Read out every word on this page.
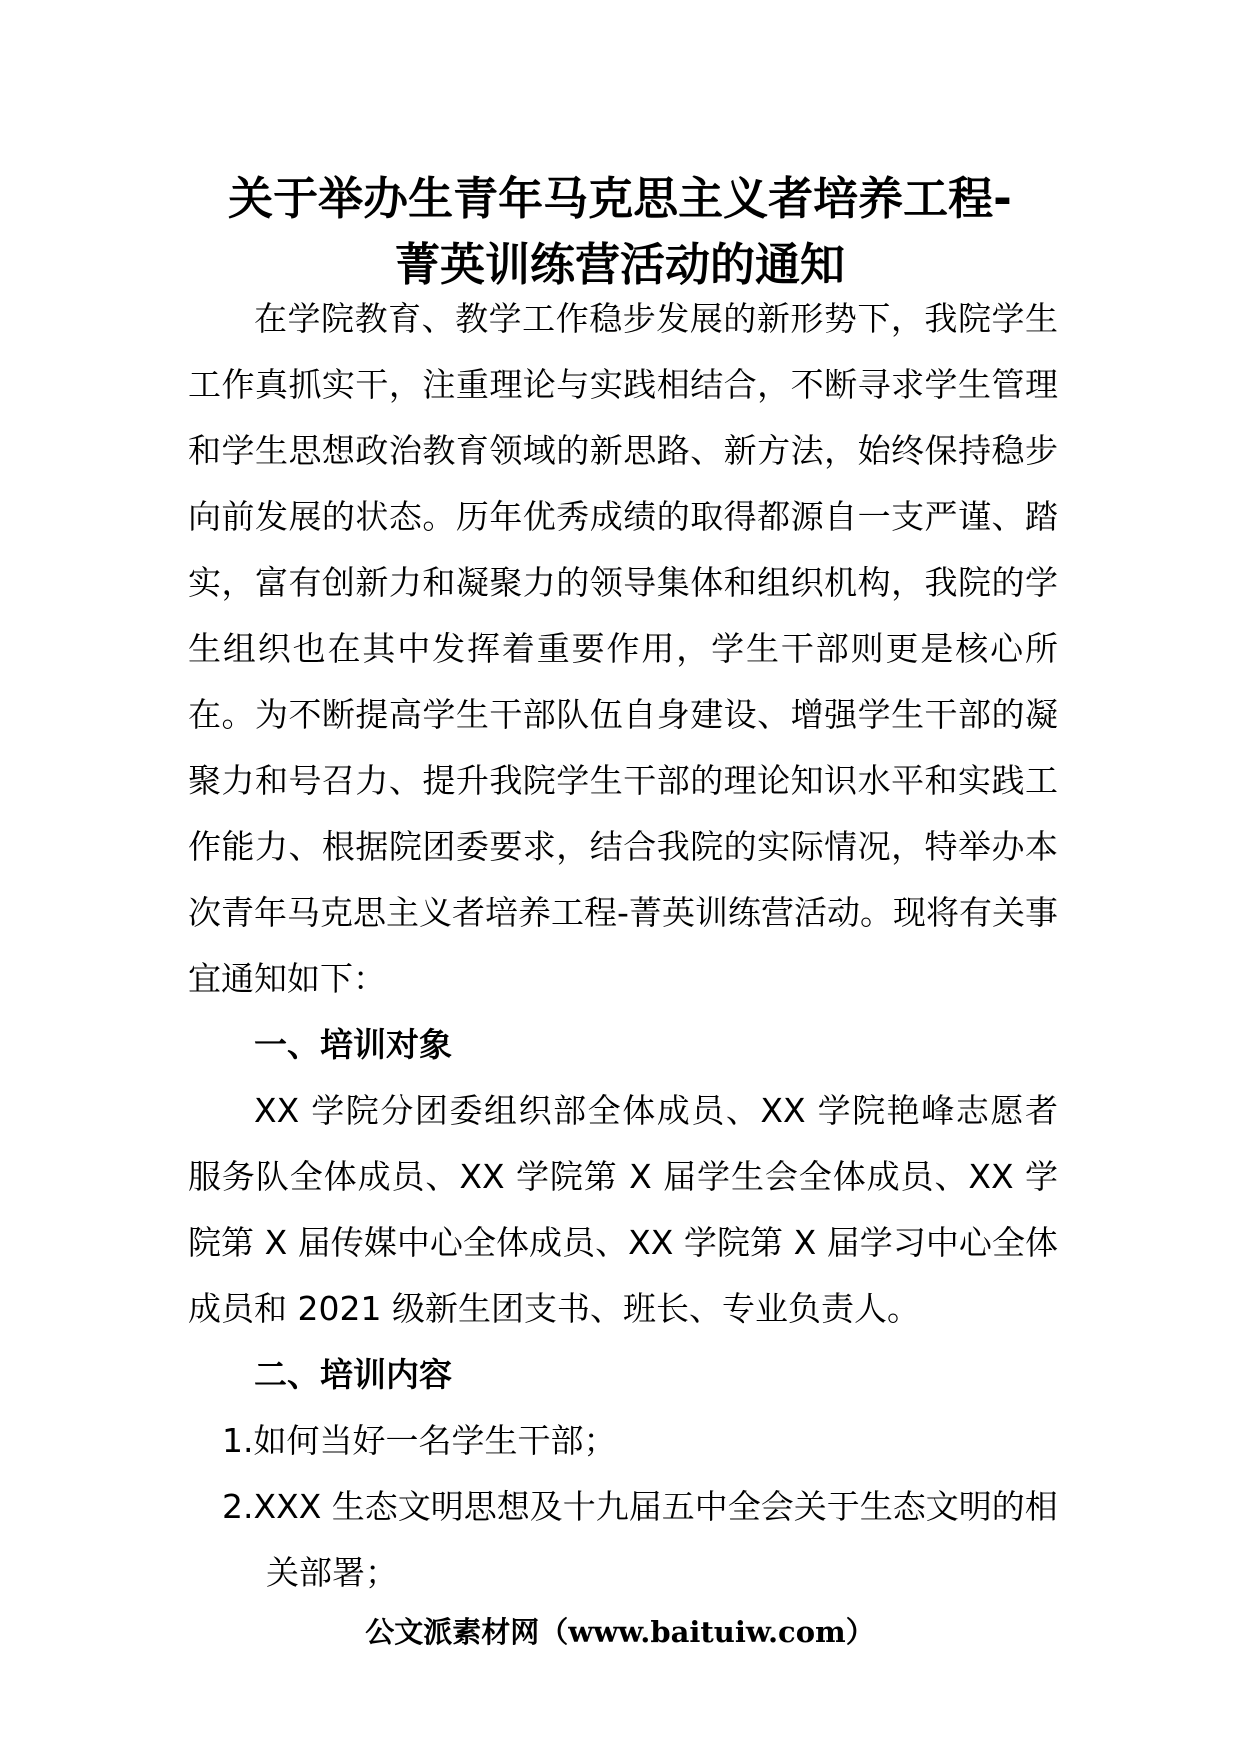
关于举办生青年马克思主义者培养工程-
菁英训练营活动的通知

在学院教育、教学工作稳步发展的新形势下，我院学生工作真抓实干，注重理论与实践相结合，不断寻求学生管理和学生思想政治教育领域的新思路、新方法，始终保持稳步向前发展的状态。历年优秀成绩的取得都源自一支严谨、踏实，富有创新力和凝聚力的领导集体和组织机构，我院的学生组织也在其中发挥着重要作用，学生干部则更是核心所在。为不断提高学生干部队伍自身建设、增强学生干部的凝聚力和号召力、提升我院学生干部的理论知识水平和实践工作能力、根据院团委要求，结合我院的实际情况，特举办本次青年马克思主义者培养工程-菁英训练营活动。现将有关事宜通知如下：

一、培训对象

XX 学院分团委组织部全体成员、XX 学院艳峰志愿者服务队全体成员、XX 学院第 X 届学生会全体成员、XX 学院第 X 届传媒中心全体成员、XX 学院第 X 届学习中心全体成员和 2021 级新生团支书、班长、专业负责人。

二、培训内容

1.如何当好一名学生干部；

2.XXX 生态文明思想及十九届五中全会关于生态文明的相关部署；

公文派素材网（www.baituiw.com）
